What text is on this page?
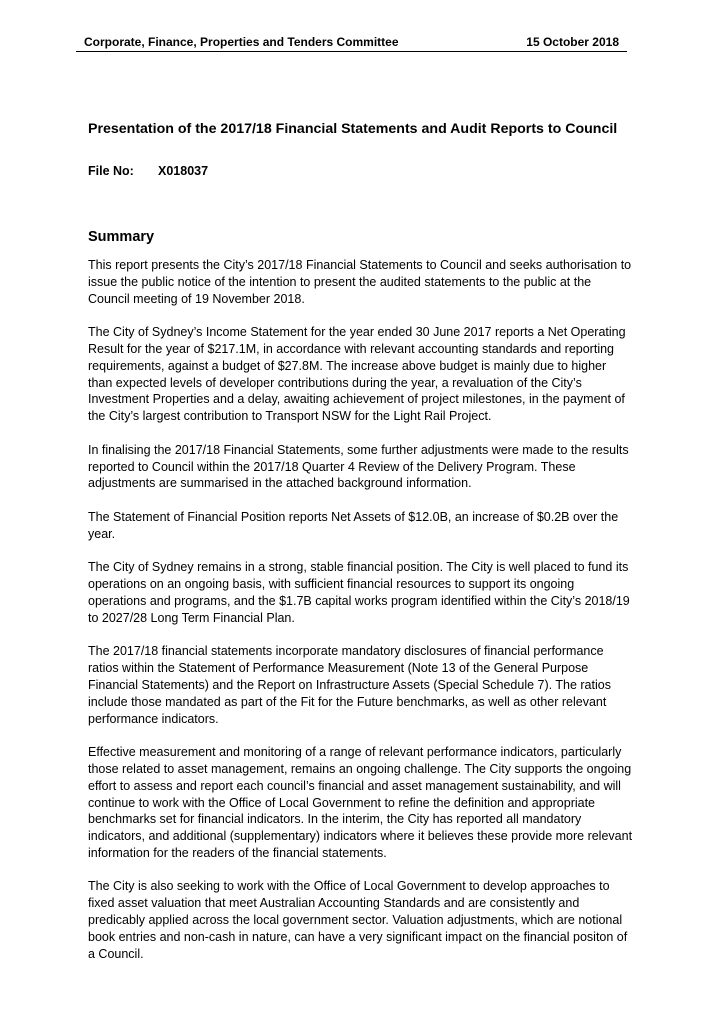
Corporate, Finance, Properties and Tenders Committee	15 October 2018
Presentation of the 2017/18 Financial Statements and Audit Reports to Council
File No: X018037
Summary

This report presents the City’s 2017/18 Financial Statements to Council and seeks authorisation to issue the public notice of the intention to present the audited statements to the public at the Council meeting of 19 November 2018.

The City of Sydney’s Income Statement for the year ended 30 June 2017 reports a Net Operating Result for the year of $217.1M, in accordance with relevant accounting standards and reporting requirements, against a budget of $27.8M. The increase above budget is mainly due to higher than expected levels of developer contributions during the year, a revaluation of the City’s Investment Properties and a delay, awaiting achievement of project milestones, in the payment of the City’s largest contribution to Transport NSW for the Light Rail Project.

In finalising the 2017/18 Financial Statements, some further adjustments were made to the results reported to Council within the 2017/18 Quarter 4 Review of the Delivery Program. These adjustments are summarised in the attached background information.

The Statement of Financial Position reports Net Assets of $12.0B, an increase of $0.2B over the year.

The City of Sydney remains in a strong, stable financial position. The City is well placed to fund its operations on an ongoing basis, with sufficient financial resources to support its ongoing operations and programs, and the $1.7B capital works program identified within the City’s 2018/19 to 2027/28 Long Term Financial Plan.

The 2017/18 financial statements incorporate mandatory disclosures of financial performance ratios within the Statement of Performance Measurement (Note 13 of the General Purpose Financial Statements) and the Report on Infrastructure Assets (Special Schedule 7). The ratios include those mandated as part of the Fit for the Future benchmarks, as well as other relevant performance indicators.

Effective measurement and monitoring of a range of relevant performance indicators, particularly those related to asset management, remains an ongoing challenge. The City supports the ongoing effort to assess and report each council’s financial and asset management sustainability, and will continue to work with the Office of Local Government to refine the definition and appropriate benchmarks set for financial indicators. In the interim, the City has reported all mandatory indicators, and additional (supplementary) indicators where it believes these provide more relevant information for the readers of the financial statements.

The City is also seeking to work with the Office of Local Government to develop approaches to fixed asset valuation that meet Australian Accounting Standards and are consistently and predicably applied across the local government sector. Valuation adjustments, which are notional book entries and non-cash in nature, can have a very significant impact on the financial positon of a Council.
